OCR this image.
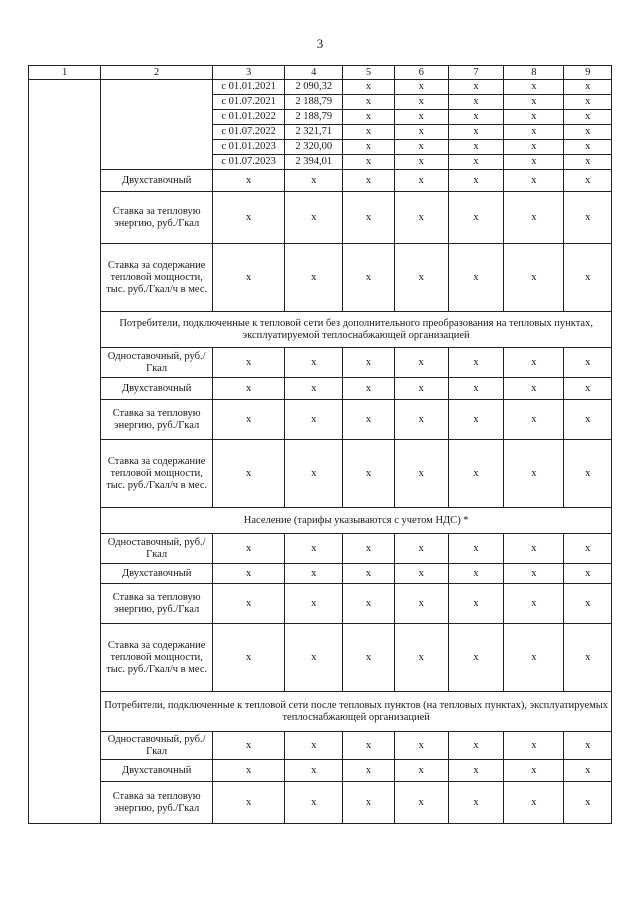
3
1	2	3	4	5	6	7	8	9
		с 01.01.2021	2 090,32	x	x	x	x	x
		с 01.07.2021	2 188,79	x	x	x	x	x
		с 01.01.2022	2 188,79	x	x	x	x	x
		с 01.07.2022	2 321,71	x	x	x	x	x
		с 01.01.2023	2 320,00	x	x	x	x	x
		с 01.07.2023	2 394,01	x	x	x	x	x
	Двухставочный	x	x	x	x	x	x	x
	Ставка за тепловую энергию, руб./Гкал	x	x	x	x	x	x	x
	Ставка за содержание тепловой мощности, тыс. руб./Гкал/ч в мес.	x	x	x	x	x	x	x
	Потребители, подключенные к тепловой сети без дополнительного преобразования на тепловых пунктах, эксплуатируемой теплоснабжающей организацией							
	Одноставочный, руб./Гкал	x	x	x	x	x	x	x
	Двухставочный	x	x	x	x	x	x	x
	Ставка за тепловую энергию, руб./Гкал	x	x	x	x	x	x	x
	Ставка за содержание тепловой мощности, тыс. руб./Гкал/ч в мес.	x	x	x	x	x	x	x
	Население (тарифы указываются с учетом НДС) *							
	Одноставочный, руб./Гкал	x	x	x	x	x	x	x
	Двухставочный	x	x	x	x	x	x	x
	Ставка за тепловую энергию, руб./Гкал	x	x	x	x	x	x	x
	Ставка за содержание тепловой мощности, тыс. руб./Гкал/ч в мес.	x	x	x	x	x	x	x
	Потребители, подключенные к тепловой сети после тепловых пунктов (на тепловых пунктах), эксплуатируемых теплоснабжающей организацией							
	Одноставочный, руб./Гкал	x	x	x	x	x	x	x
	Двухставочный	x	x	x	x	x	x	x
	Ставка за тепловую энергию, руб./Гкал	x	x	x	x	x	x	x
